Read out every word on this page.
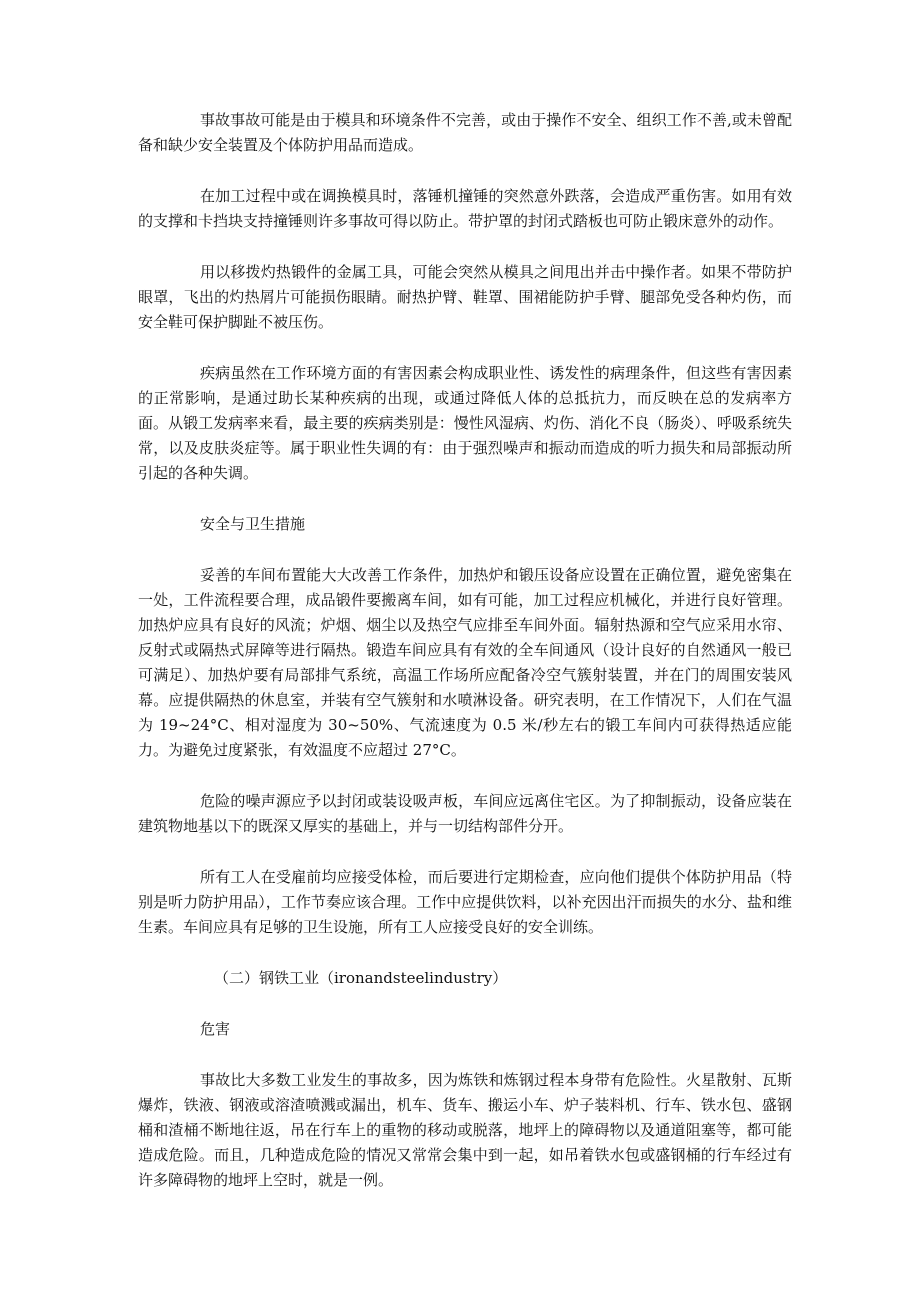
事故事故可能是由于模具和环境条件不完善，或由于操作不安全、组织工作不善,或未曾配备和缺少安全装置及个体防护用品而造成。

在加工过程中或在调换模具时，落锤机撞锤的突然意外跌落，会造成严重伤害。如用有效的支撑和卡挡块支持撞锤则许多事故可得以防止。带护罩的封闭式踏板也可防止锻床意外的动作。

用以移拨灼热锻件的金属工具，可能会突然从模具之间甩出并击中操作者。如果不带防护眼罩，飞出的灼热屑片可能损伤眼睛。耐热护臂、鞋罩、围裙能防护手臂、腿部免受各种灼伤，而安全鞋可保护脚趾不被压伤。

疾病虽然在工作环境方面的有害因素会构成职业性、诱发性的病理条件，但这些有害因素的正常影响，是通过助长某种疾病的出现，或通过降低人体的总抵抗力，而反映在总的发病率方面。从锻工发病率来看，最主要的疾病类别是：慢性风湿病、灼伤、消化不良（肠炎）、呼吸系统失常，以及皮肤炎症等。属于职业性失调的有：由于强烈噪声和振动而造成的听力损失和局部振动所引起的各种失调。

安全与卫生措施

妥善的车间布置能大大改善工作条件，加热炉和锻压设备应设置在正确位置，避免密集在一处，工件流程要合理，成品锻件要搬离车间，如有可能，加工过程应机械化，并进行良好管理。加热炉应具有良好的风流；炉烟、烟尘以及热空气应排至车间外面。辐射热源和空气应采用水帘、反射式或隔热式屏障等进行隔热。锻造车间应具有有效的全车间通风（设计良好的自然通风一般已可满足）、加热炉要有局部排气系统，高温工作场所应配备冷空气簇射装置，并在门的周围安装风幕。应提供隔热的休息室，并装有空气簇射和水喷淋设备。研究表明，在工作情况下，人们在气温为 19~24°C、相对湿度为 30~50%、气流速度为 0.5 米/秒左右的锻工车间内可获得热适应能力。为避免过度紧张，有效温度不应超过 27°C。

危险的噪声源应予以封闭或装设吸声板，车间应远离住宅区。为了抑制振动，设备应装在建筑物地基以下的既深又厚实的基础上，并与一切结构部件分开。

所有工人在受雇前均应接受体检，而后要进行定期检查，应向他们提供个体防护用品（特别是听力防护用品），工作节奏应该合理。工作中应提供饮料，以补充因出汗而损失的水分、盐和维生素。车间应具有足够的卫生设施，所有工人应接受良好的安全训练。

（二）钢铁工业（ironandsteelindustry）

危害

事故比大多数工业发生的事故多，因为炼铁和炼钢过程本身带有危险性。火星散射、瓦斯爆炸，铁液、钢液或溶渣喷溅或漏出，机车、货车、搬运小车、炉子装料机、行车、铁水包、盛钢桶和渣桶不断地往返，吊在行车上的重物的移动或脱落，地坪上的障碍物以及通道阻塞等，都可能造成危险。而且，几种造成危险的情况又常常会集中到一起，如吊着铁水包或盛钢桶的行车经过有许多障碍物的地坪上空时，就是一例。
